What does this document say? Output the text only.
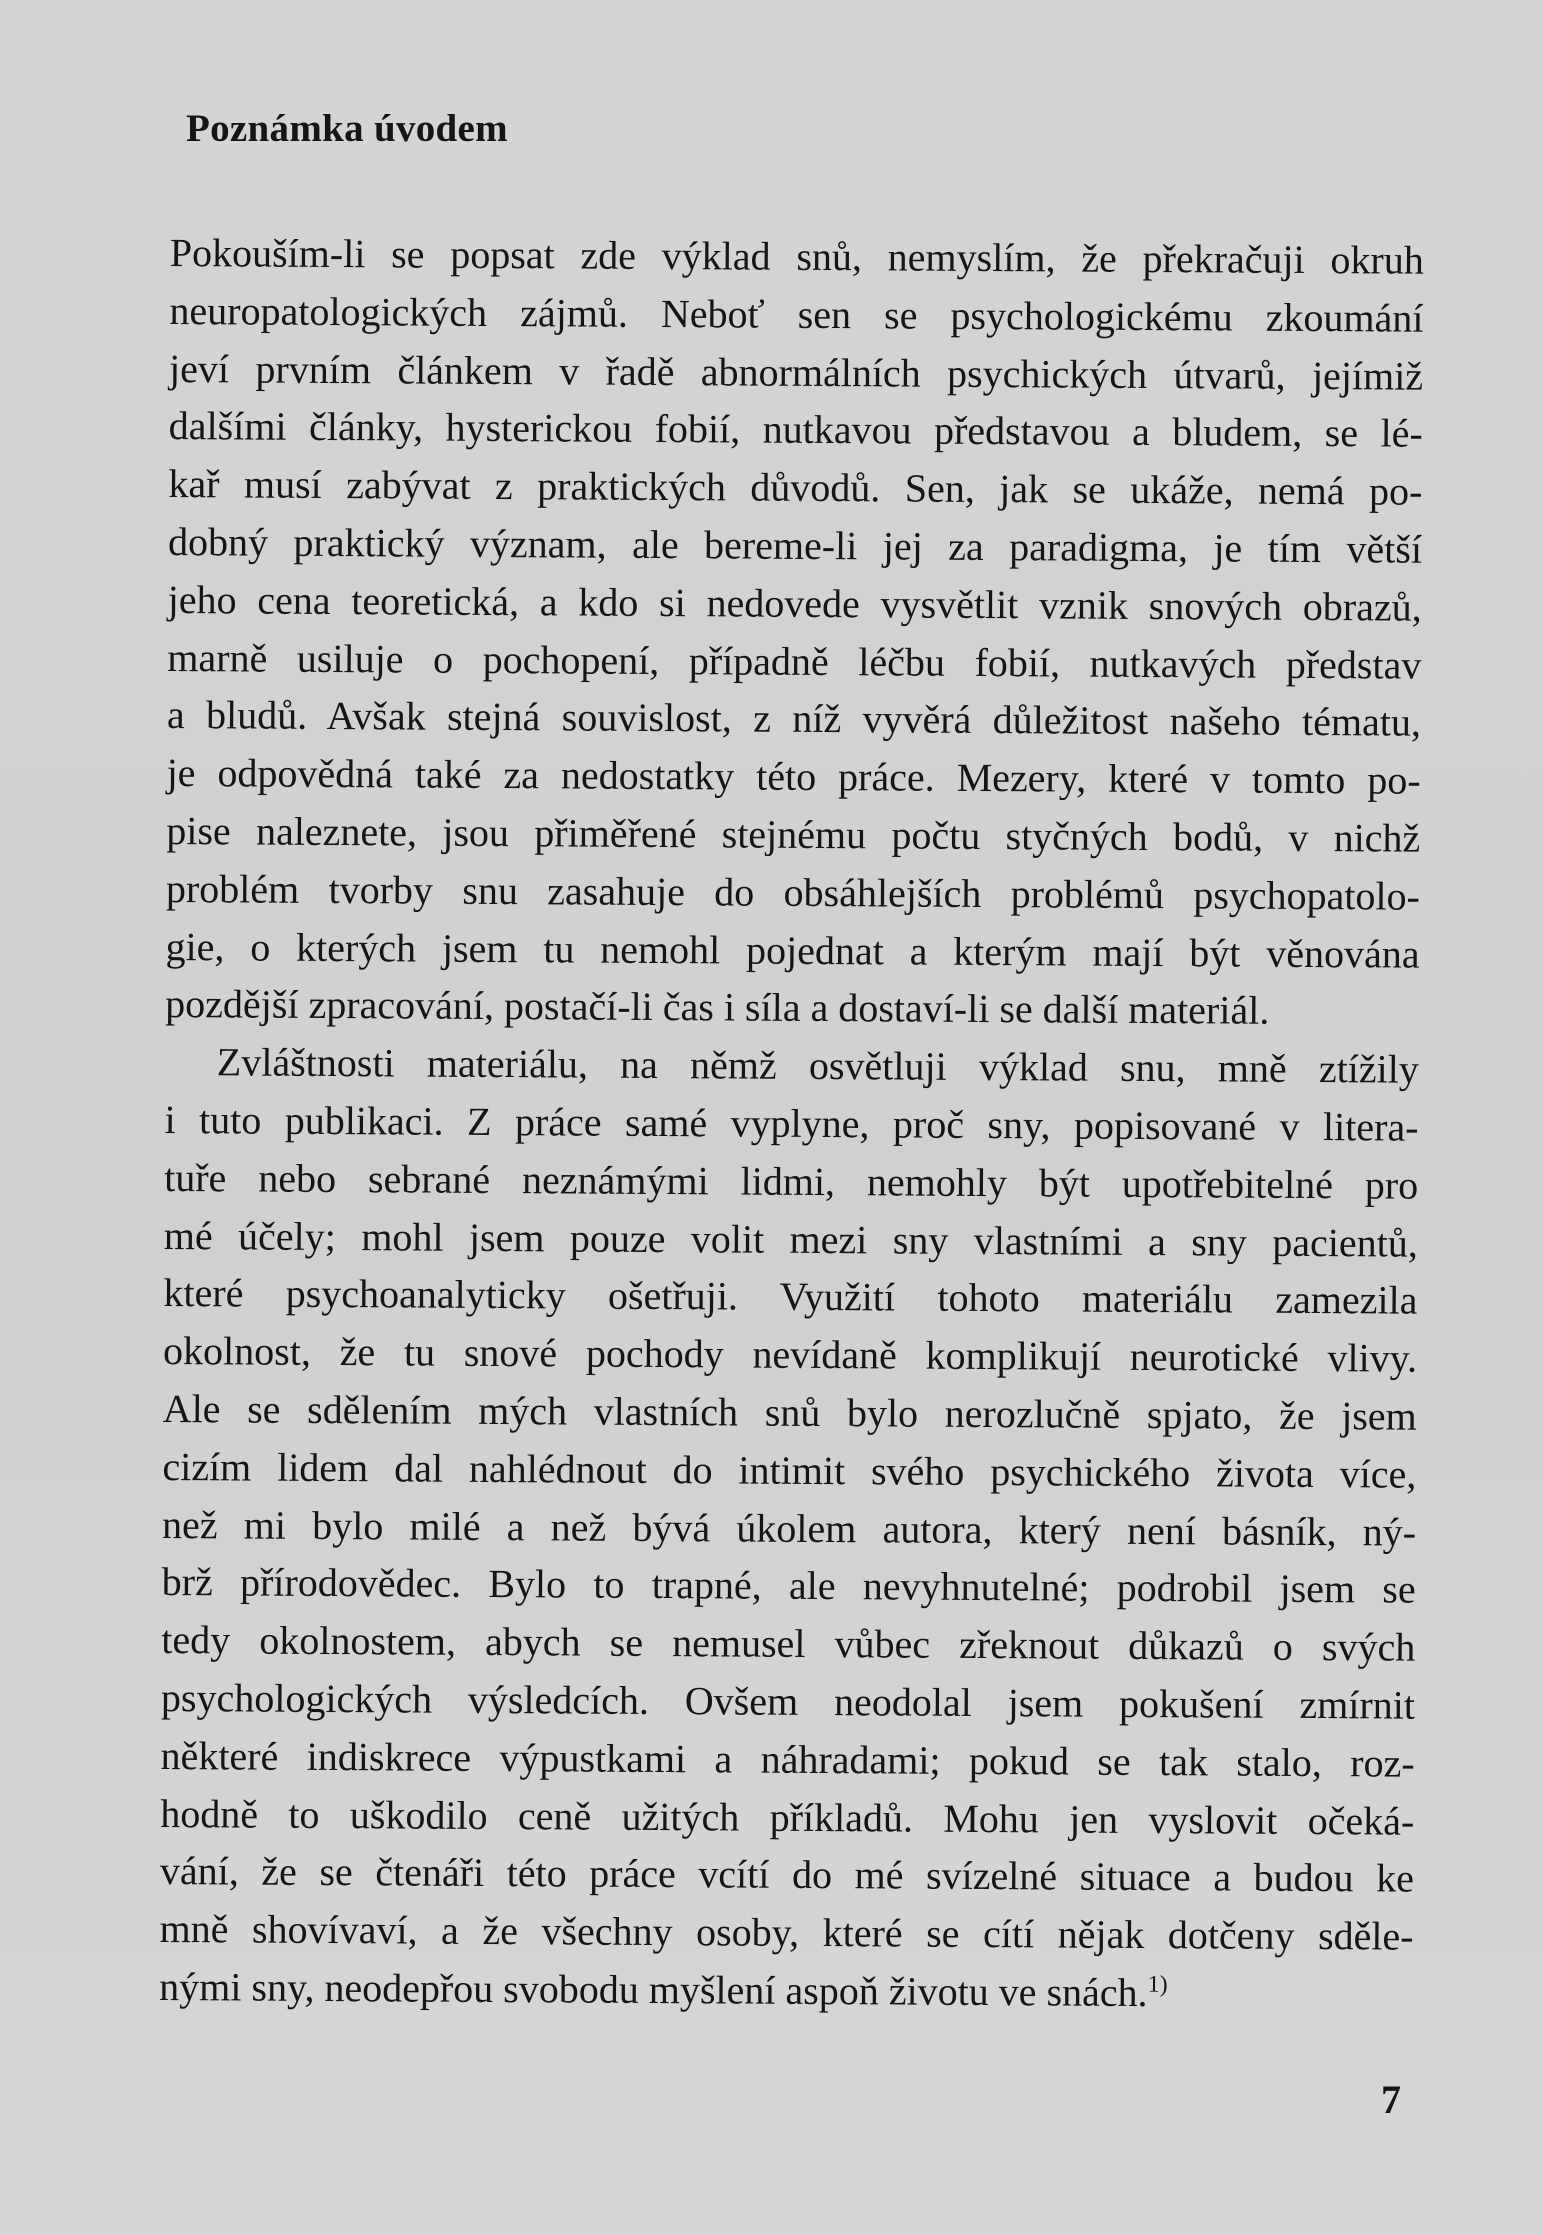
Poznámka úvodem
Pokouším-li se popsat zde výklad snů, nemyslím, že překračuji okruh
neuropatologických zájmů. Neboť sen se psychologickému zkoumání
jeví prvním článkem v řadě abnormálních psychických útvarů, jejímiž
dalšími články, hysterickou fobií, nutkavou představou a bludem, se lé-
kař musí zabývat z praktických důvodů. Sen, jak se ukáže, nemá po-
dobný praktický význam, ale bereme-li jej za paradigma, je tím větší
jeho cena teoretická, a kdo si nedovede vysvětlit vznik snových obrazů,
marně usiluje o pochopení, případně léčbu fobií, nutkavých představ
a bludů. Avšak stejná souvislost, z níž vyvěrá důležitost našeho tématu,
je odpovědná také za nedostatky této práce. Mezery, které v tomto po-
pise naleznete, jsou přiměřené stejnému počtu styčných bodů, v nichž
problém tvorby snu zasahuje do obsáhlejších problémů psychopatolo-
gie, o kterých jsem tu nemohl pojednat a kterým mají být věnována
pozdější zpracování, postačí-li čas i síla a dostaví-li se další materiál.
Zvláštnosti materiálu, na němž osvětluji výklad snu, mně ztížily
i tuto publikaci. Z práce samé vyplyne, proč sny, popisované v litera-
tuře nebo sebrané neznámými lidmi, nemohly být upotřebitelné pro
mé účely; mohl jsem pouze volit mezi sny vlastními a sny pacientů,
které psychoanalyticky ošetřuji. Využití tohoto materiálu zamezila
okolnost, že tu snové pochody nevídaně komplikují neurotické vlivy.
Ale se sdělením mých vlastních snů bylo nerozlučně spjato, že jsem
cizím lidem dal nahlédnout do intimit svého psychického života více,
než mi bylo milé a než bývá úkolem autora, který není básník, ný-
brž přírodovědec. Bylo to trapné, ale nevyhnutelné; podrobil jsem se
tedy okolnostem, abych se nemusel vůbec zřeknout důkazů o svých
psychologických výsledcích. Ovšem neodolal jsem pokušení zmírnit
některé indiskrece výpustkami a náhradami; pokud se tak stalo, roz-
hodně to uškodilo ceně užitých příkladů. Mohu jen vyslovit očeká-
vání, že se čtenáři této práce vcítí do mé svízelné situace a budou ke
mně shovívaví, a že všechny osoby, které se cítí nějak dotčeny sděle-
nými sny, neodepřou svobodu myšlení aspoň životu ve snách.$^{1)}$
7
